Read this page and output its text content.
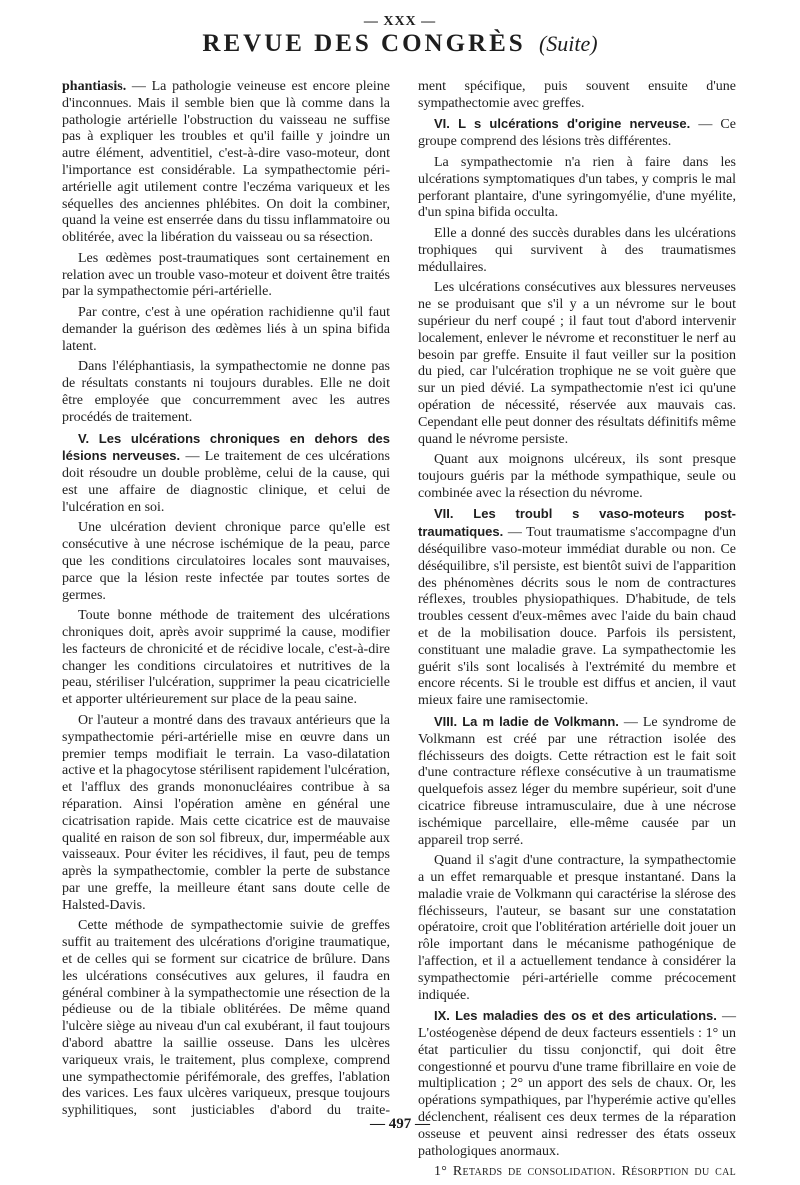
— XXX —
REVUE DES CONGRÈS (Suite)

phantiasis. — La pathologie veineuse est encore pleine d'inconnues. Mais il semble bien que là comme dans la pathologie artérielle l'obstruction du vaisseau ne suffise pas à expliquer les troubles et qu'il faille y joindre un autre élément, adventitiel, c'est-à-dire vaso-moteur, dont l'importance est considérable. La sympathectomie péri-artérielle agit utilement contre l'eczéma variqueux et les séquelles des anciennes phlébites. On doit la combiner, quand la veine est enserrée dans du tissu inflammatoire ou oblitérée, avec la libération du vaisseau ou sa résection.

Les œdèmes post-traumatiques sont certainement en relation avec un trouble vaso-moteur et doivent être traités par la sympathectomie péri-artérielle.

Par contre, c'est à une opération rachidienne qu'il faut demander la guérison des œdèmes liés à un spina bifida latent.

Dans l'éléphantiasis, la sympathectomie ne donne pas de résultats constants ni toujours durables. Elle ne doit être employée que concurremment avec les autres procédés de traitement.

V. Les ulcérations chroniques en dehors des lésions nerveuses. — Le traitement de ces ulcérations doit résoudre un double problème, celui de la cause, qui est une affaire de diagnostic clinique, et celui de l'ulcération en soi.

Une ulcération devient chronique parce qu'elle est consécutive à une nécrose ischémique de la peau, parce que les conditions circulatoires locales sont mauvaises, parce que la lésion reste infectée par toutes sortes de germes.

Toute bonne méthode de traitement des ulcérations chroniques doit, après avoir supprimé la cause, modifier les facteurs de chronicité et de récidive locale, c'est-à-dire changer les conditions circulatoires et nutritives de la peau, stériliser l'ulcération, supprimer la peau cicatricielle et apporter ultérieurement sur place de la peau saine.

Or l'auteur a montré dans des travaux antérieurs que la sympathectomie péri-artérielle mise en œuvre dans un premier temps modifiait le terrain. La vaso-dilatation active et la phagocytose stérilisent rapidement l'ulcération, et l'afflux des grands mononucléaires contribue à sa réparation. Ainsi l'opération amène en général une cicatrisation rapide. Mais cette cicatrice est de mauvaise qualité en raison de son sol fibreux, dur, imperméable aux vaisseaux. Pour éviter les récidives, il faut, peu de temps après la sympathectomie, combler la perte de substance par une greffe, la meilleure étant sans doute celle de Halsted-Davis.

Cette méthode de sympathectomie suivie de greffes suffit au traitement des ulcérations d'origine traumatique, et de celles qui se forment sur cicatrice de brûlure. Dans les ulcérations consécutives aux gelures, il faudra en général combiner à la sympathectomie une résection de la pédieuse ou de la tibiale oblitérées. De même quand l'ulcère siège au niveau d'un cal exubérant, il faut toujours d'abord abattre la saillie osseuse. Dans les ulcères variqueux vrais, le traitement, plus complexe, comprend une sympathectomie périfémorale, des greffes, l'ablation des varices. Les faux ulcères variqueux, presque toujours syphilitiques, sont justiciables d'abord du traite-

ment spécifique, puis souvent ensuite d'une sympathectomie avec greffes.

VI. L s ulcérations d'origine nerveuse. — Ce groupe comprend des lésions très différentes.

La sympathectomie n'a rien à faire dans les ulcérations symptomatiques d'un tabes, y compris le mal perforant plantaire, d'une syringomyélie, d'une myélite, d'un spina bifida occulta.

Elle a donné des succès durables dans les ulcérations trophiques qui survivent à des traumatismes médullaires.

Les ulcérations consécutives aux blessures nerveuses ne se produisant que s'il y a un névrome sur le bout supérieur du nerf coupé ; il faut tout d'abord intervenir localement, enlever le névrome et reconstituer le nerf au besoin par greffe. Ensuite il faut veiller sur la position du pied, car l'ulcération trophique ne se voit guère que sur un pied dévié. La sympathectomie n'est ici qu'une opération de nécessité, réservée aux mauvais cas. Cependant elle peut donner des résultats définitifs même quand le névrome persiste.

Quant aux moignons ulcéreux, ils sont presque toujours guéris par la méthode sympathique, seule ou combinée avec la résection du névrome.

VII. Les troubl s vaso-moteurs post-traumatiques. — Tout traumatisme s'accompagne d'un déséquilibre vaso-moteur immédiat durable ou non. Ce déséquilibre, s'il persiste, est bientôt suivi de l'apparition des phénomènes décrits sous le nom de contractures réflexes, troubles physiopathiques. D'habitude, de tels troubles cessent d'eux-mêmes avec l'aide du bain chaud et de la mobilisation douce. Parfois ils persistent, constituant une maladie grave. La sympathectomie les guérit s'ils sont localisés à l'extrémité du membre et encore récents. Si le trouble est diffus et ancien, il vaut mieux faire une ramisectomie.

VIII. La m ladie de Volkmann. — Le syndrome de Volkmann est créé par une rétraction isolée des fléchisseurs des doigts. Cette rétraction est le fait soit d'une contracture réflexe consécutive à un traumatisme quelquefois assez léger du membre supérieur, soit d'une cicatrice fibreuse intramusculaire, due à une nécrose ischémique parcellaire, elle-même causée par un appareil trop serré.

Quand il s'agit d'une contracture, la sympathectomie a un effet remarquable et presque instantané. Dans la maladie vraie de Volkmann qui caractérise la slérose des fléchisseurs, l'auteur, se basant sur une constatation opératoire, croit que l'oblitération artérielle doit jouer un rôle important dans le mécanisme pathogénique de l'affection, et il a actuellement tendance à considérer la sympathectomie péri-artérielle comme précocement indiquée.

IX. Les maladies des os et des articulations. — L'ostéogenèse dépend de deux facteurs essentiels : 1° un état particulier du tissu conjonctif, qui doit être congestionné et pourvu d'une trame fibrillaire en voie de multiplication ; 2° un apport des sels de chaux. Or, les opérations sympathiques, par l'hyperémie active qu'elles déclenchent, réalisent ces deux termes de la réparation osseuse et peuvent ainsi redresser des états osseux pathologiques anormaux.

1° Retards de consolidation. Résorption du cal

— 497 —
